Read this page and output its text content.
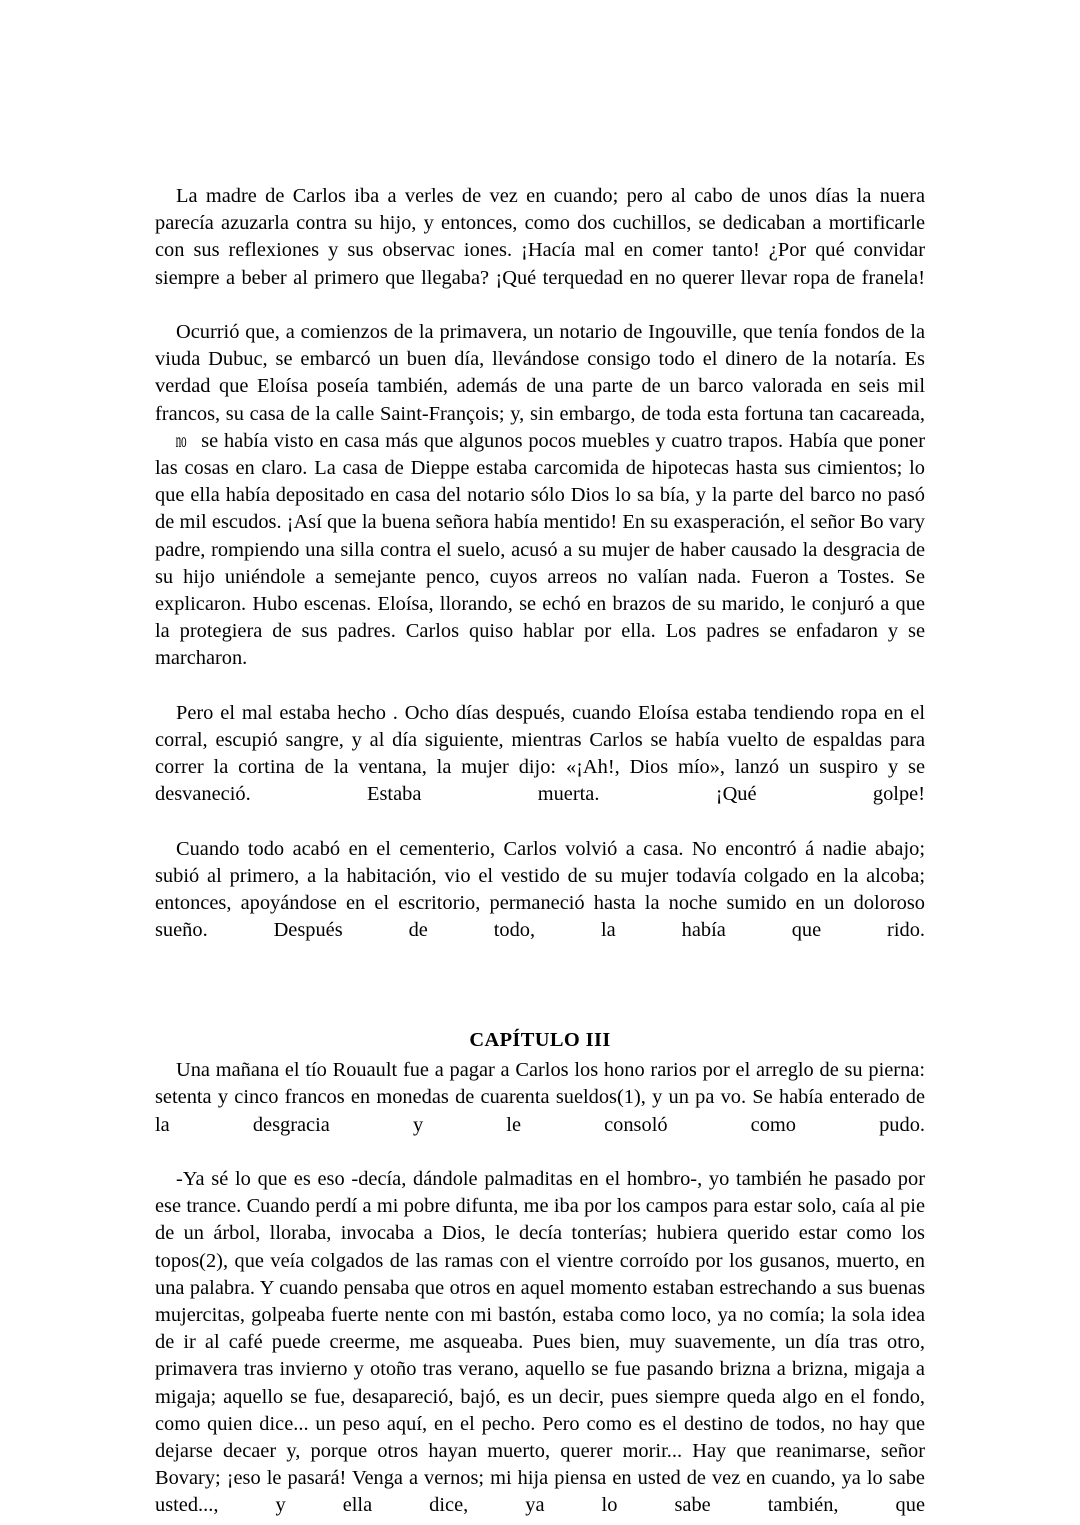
La madre de Carlos iba a verles de vez en cuando; pero al cabo de unos días la nuera parecía azuzarla contra su hijo, y entonces, como dos cuchillos, se dedicaban a mortificarle con sus reflexiones y sus observac iones. ¡Hacía mal en comer tanto! ¿Por qué convidar siempre a beber al primero que llegaba? ¡Qué terquedad en no querer llevar ropa de franela!

Ocurrió que, a comienzos de la primavera, un notario de Ingouville, que tenía fondos de la viuda Dubuc, se embarcó un buen día, llevándose consigo todo el dinero de la notaría. Es verdad que Eloísa poseía también, además de una parte de un barco valorada en seis mil francos, su casa de la calle Saint-François; y, sin embargo, de toda esta fortuna tan cacareada, no se había visto en casa más que algunos pocos muebles y cuatro trapos. Había que poner las cosas en claro. La casa de Dieppe estaba carcomida de hipotecas hasta sus cimientos; lo que ella había depositado en casa del notario sólo Dios lo sa bía, y la parte del barco no pasó de mil escudos. ¡Así que la buena señora había mentido! En su exasperación, el señor Bo vary padre, rompiendo una silla contra el suelo, acusó a su mujer de haber causado la desgracia de su hijo uniéndole a semejante penco, cuyos arreos no valían nada. Fueron a Tostes. Se explicaron. Hubo escenas. Eloísa, llorando, se echó en brazos de su marido, le conjuró a que la protegiera de sus padres. Carlos quiso hablar por ella. Los padres se enfadaron y se marcharon.

Pero el mal estaba hecho . Ocho días después, cuando Eloísa estaba tendiendo ropa en el corral, escupió sangre, y al día siguiente, mientras Carlos se había vuelto de espaldas para correr la cortina de la ventana, la mujer dijo: «¡Ah!, Dios mío», lanzó un suspiro y se desvaneció. Estaba muerta. ¡Qué golpe!

Cuando todo acabó en el cementerio, Carlos volvió a casa. No encontró á nadie abajo; subió al primero, a la habitación, vio el vestido de su mujer todavía colgado en la alcoba; entonces, apoyándose en el escritorio, permaneció hasta la noche sumido en un doloroso sueño. Después de todo, la había que rido.

CAPÍTULO III

Una mañana el tío Rouault fue a pagar a Carlos los hono rarios por el arreglo de su pierna: setenta y cinco francos en monedas de cuarenta sueldos(1), y un pa vo. Se había enterado de la desgracia y le consoló como pudo.

-Ya sé lo que es eso -decía, dándole palmaditas en el hombro-, yo también he pasado por ese trance. Cuando perdí a mi pobre difunta, me iba por los campos para estar solo, caía al pie de un árbol, lloraba, invocaba a Dios, le decía tonterías; hubiera querido estar como los topos(2), que veía colgados de las ramas con el vientre corroído por los gusanos, muerto, en una palabra. Y cuando pensaba que otros en aquel momento estaban estrechando a sus buenas mujercitas, golpeaba fuerte nente con mi bastón, estaba como loco, ya no comía; la sola idea de ir al café puede creerme, me asqueaba. Pues bien, muy suavemente, un día tras otro, primavera tras invierno y otoño tras verano, aquello se fue pasando brizna a brizna, migaja a migaja; aquello se fue, desapareció, bajó, es un decir, pues siempre queda algo en el fondo, como quien dice... un peso aquí, en el pecho. Pero como es el destino de todos, no hay que dejarse decaer y, porque otros hayan muerto, querer morir... Hay que reanimarse, señor Bovary; ¡eso le pasará! Venga a vernos; mi hija piensa en usted de vez en cuando, ya lo sabe usted..., y ella dice, ya lo sabe también, que
